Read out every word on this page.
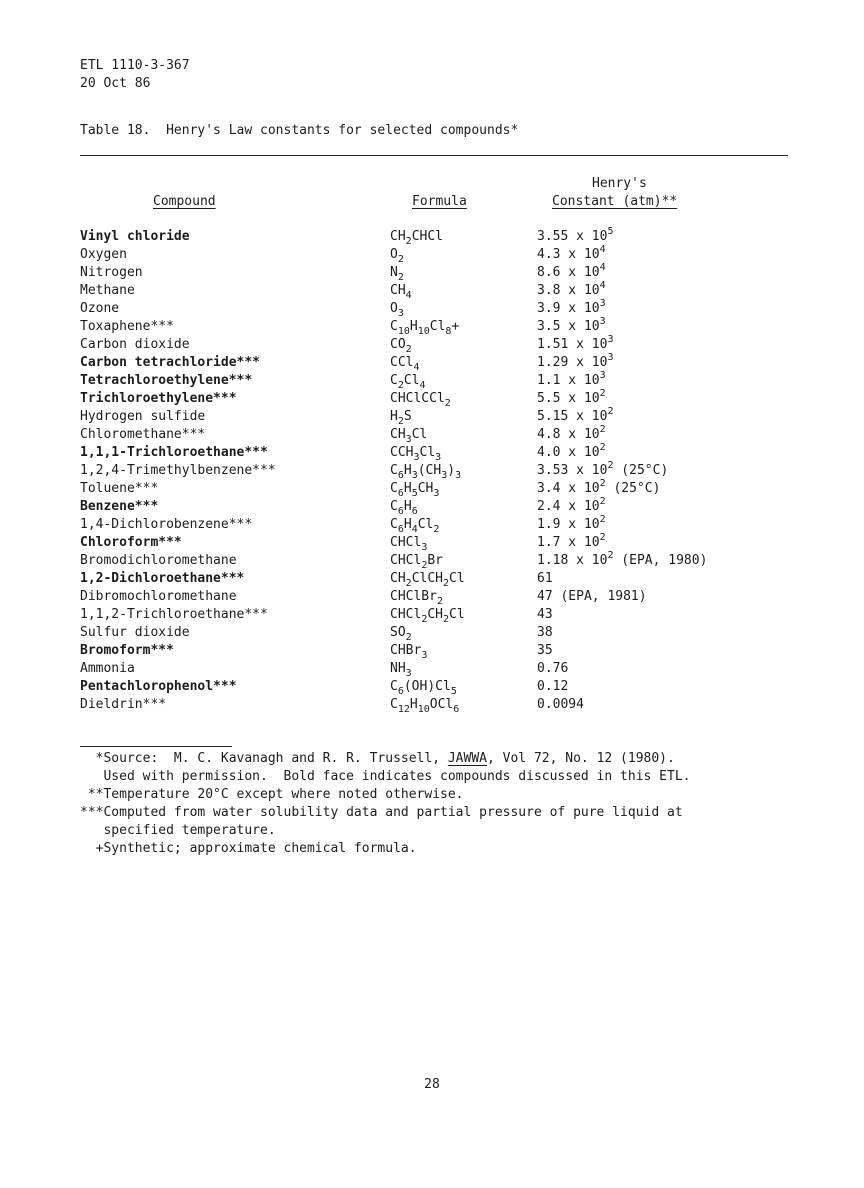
ETL 1110-3-367
20 Oct 86
Table 18.  Henry's Law constants for selected compounds*
Henry's
Compound	Formula	Constant (atm)**
Vinyl chloride	$CH_2CHCl$	3.55 x $10^5$
Oxygen	$O_2$	4.3 x $10^4$
Nitrogen	$N_2$	8.6 x $10^4$
Methane	$CH_4$	3.8 x $10^4$
Ozone	$O_3$	3.9 x $10^3$
Toxaphene***	$C_{10}H_{10}Cl_8+$	3.5 x $10^3$
Carbon dioxide	$CO_2$	1.51 x $10^3$
Carbon tetrachloride***	CCl$_4$	1.29 x $10^3$
Tetrachloroethylene***	$C_2Cl_4$	1.1 x $10^3$
Trichloroethylene***	CHClCCl$_2$	5.5 x $10^2$
Hydrogen sulfide	$H_2S$	5.15 x $10^2$
Chloromethane***	$CH_3Cl$	4.8 x $10^2$
1,1,1-Trichloroethane***	$CCH_3Cl_3$	4.0 x $10^2$
1,2,4-Trimethylbenzene***	$C_6H_3(CH_3)_3$	3.53 x $10^2$ (25°C)
Toluene***	$C_6H_5CH_3$	3.4 x $10^2$ (25°C)
Benzene***	$C_6H_6$	2.4 x $10^2$
1,4-Dichlorobenzene***	$C_6H_4Cl_2$	1.9 x $10^2$
Chloroform***	CHCl$_3$	1.7 x $10^2$
Bromodichloromethane	CHCl$_2$Br	1.18 x $10^2$ (EPA, 1980)
1,2-Dichloroethane***	$CH_2ClCH_2Cl$	61
Dibromochloromethane	CHClBr$_2$	47 (EPA, 1981)
1,1,2-Trichloroethane***	$CHCl_2CH_2Cl$	43
Sulfur dioxide	$SO_2$	38
Bromoform***	CHBr$_3$	35
Ammonia	$NH_3$	0.76
Pentachlorophenol***	$C_6(OH)Cl_5$	0.12
Dieldrin***	$C_{12}H_{10}OCl_6$	0.0094
*Source:  M. C. Kavanagh and R. R. Trussell, JAWWA, Vol 72, No. 12 (1980).
Used with permission.  Bold face indicates compounds discussed in this ETL.
**Temperature 20°C except where noted otherwise.
***Computed from water solubility data and partial pressure of pure liquid at
specified temperature.
+Synthetic; approximate chemical formula.
28
